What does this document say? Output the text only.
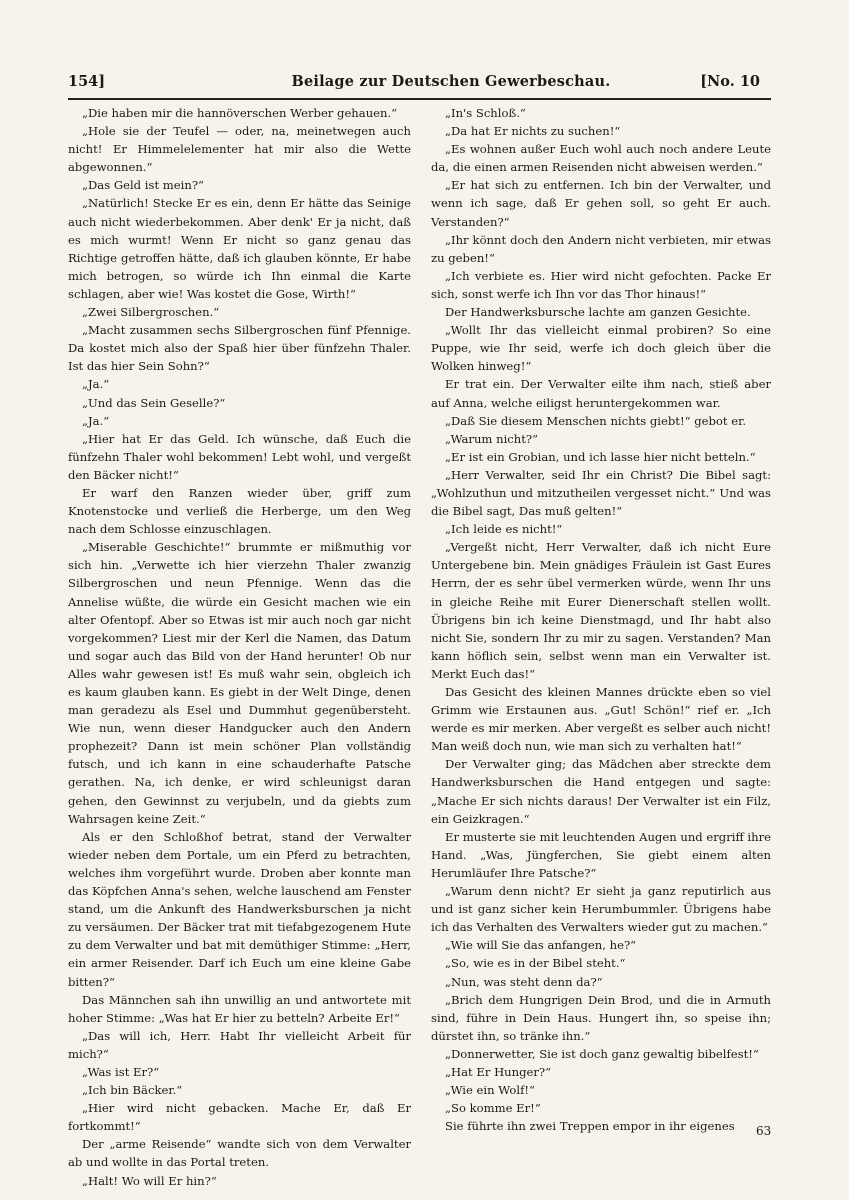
154]	Beilage zur Deutschen Gewerbeschau.	[No. 10

„Die haben mir die hannöverschen Werber gehauen.“

„Hole sie der Teufel — oder, na, meinetwegen auch nicht! Er Himmelelementer hat mir also die Wette abgewonnen.“

„Das Geld ist mein?“

„Natürlich! Stecke Er es ein, denn Er hätte das Seinige auch nicht wiederbekommen. Aber denk' Er ja nicht, daß es mich wurmt! Wenn Er nicht so ganz genau das Richtige getroffen hätte, daß ich glauben könnte, Er habe mich betrogen, so würde ich Ihn einmal die Karte schlagen, aber wie! Was kostet die Gose, Wirth!“

„Zwei Silbergroschen.“

„Macht zusammen sechs Silbergroschen fünf Pfennige. Da kostet mich also der Spaß hier über fünfzehn Thaler. Ist das hier Sein Sohn?“

„Ja.“

„Und das Sein Geselle?“

„Ja.“

„Hier hat Er das Geld. Ich wünsche, daß Euch die fünfzehn Thaler wohl bekommen! Lebt wohl, und vergeßt den Bäcker nicht!“

Er warf den Ranzen wieder über, griff zum Knotenstocke und verließ die Herberge, um den Weg nach dem Schlosse einzuschlagen.

„Miserable Geschichte!“ brummte er mißmuthig vor sich hin. „Verwette ich hier vierzehn Thaler zwanzig Silbergroschen und neun Pfennige. Wenn das die Annelise wüßte, die würde ein Gesicht machen wie ein alter Ofentopf. Aber so Etwas ist mir auch noch gar nicht vorgekommen? Liest mir der Kerl die Namen, das Datum und sogar auch das Bild von der Hand herunter! Ob nur Alles wahr gewesen ist! Es muß wahr sein, obgleich ich es kaum glauben kann. Es giebt in der Welt Dinge, denen man geradezu als Esel und Dummhut gegenübersteht. Wie nun, wenn dieser Handgucker auch den Andern prophezeit? Dann ist mein schöner Plan vollständig futsch, und ich kann in eine schauderhafte Patsche gerathen. Na, ich denke, er wird schleunigst daran gehen, den Gewinnst zu verjubeln, und da giebts zum Wahrsagen keine Zeit.“

Als er den Schloßhof betrat, stand der Verwalter wieder neben dem Portale, um ein Pferd zu betrachten, welches ihm vorgeführt wurde. Droben aber konnte man das Köpfchen Anna's sehen, welche lauschend am Fenster stand, um die Ankunft des Handwerksburschen ja nicht zu versäumen. Der Bäcker trat mit tiefabgezogenem Hute zu dem Verwalter und bat mit demüthiger Stimme: „Herr, ein armer Reisender. Darf ich Euch um eine kleine Gabe bitten?“

Das Männchen sah ihn unwillig an und antwortete mit hoher Stimme: „Was hat Er hier zu betteln? Arbeite Er!“

„Das will ich, Herr. Habt Ihr vielleicht Arbeit für mich?“

„Was ist Er?“

„Ich bin Bäcker.“

„Hier wird nicht gebacken. Mache Er, daß Er fortkommt!“

Der „arme Reisende“ wandte sich von dem Verwalter ab und wollte in das Portal treten.

„Halt! Wo will Er hin?“

„In's Schloß.“

„Da hat Er nichts zu suchen!“

„Es wohnen außer Euch wohl auch noch andere Leute da, die einen armen Reisenden nicht abweisen werden.“

„Er hat sich zu entfernen. Ich bin der Verwalter, und wenn ich sage, daß Er gehen soll, so geht Er auch. Verstanden?“

„Ihr könnt doch den Andern nicht verbieten, mir etwas zu geben!“

„Ich verbiete es. Hier wird nicht gefochten. Packe Er sich, sonst werfe ich Ihn vor das Thor hinaus!“

Der Handwerksbursche lachte am ganzen Gesichte.

„Wollt Ihr das vielleicht einmal probiren? So eine Puppe, wie Ihr seid, werfe ich doch gleich über die Wolken hinweg!“

Er trat ein. Der Verwalter eilte ihm nach, stieß aber auf Anna, welche eiligst heruntergekommen war.

„Daß Sie diesem Menschen nichts giebt!“ gebot er.

„Warum nicht?“

„Er ist ein Grobian, und ich lasse hier nicht betteln.“

„Herr Verwalter, seid Ihr ein Christ? Die Bibel sagt: „Wohlzuthun und mitzutheilen vergesset nicht.“ Und was die Bibel sagt, Das muß gelten!“

„Ich leide es nicht!“

„Vergeßt nicht, Herr Verwalter, daß ich nicht Eure Untergebene bin. Mein gnädiges Fräulein ist Gast Eures Herrn, der es sehr übel vermerken würde, wenn Ihr uns in gleiche Reihe mit Eurer Dienerschaft stellen wollt. Übrigens bin ich keine Dienstmagd, und Ihr habt also nicht Sie, sondern Ihr zu mir zu sagen. Verstanden? Man kann höflich sein, selbst wenn man ein Verwalter ist. Merkt Euch das!“

Das Gesicht des kleinen Mannes drückte eben so viel Grimm wie Erstaunen aus. „Gut! Schön!“ rief er. „Ich werde es mir merken. Aber vergeßt es selber auch nicht! Man weiß doch nun, wie man sich zu verhalten hat!“

Der Verwalter ging; das Mädchen aber streckte dem Handwerksburschen die Hand entgegen und sagte: „Mache Er sich nichts daraus! Der Verwalter ist ein Filz, ein Geizkragen.“

Er musterte sie mit leuchtenden Augen und ergriff ihre Hand. „Was, Jüngferchen, Sie giebt einem alten Herumläufer Ihre Patsche?“

„Warum denn nicht? Er sieht ja ganz reputirlich aus und ist ganz sicher kein Herumbummler. Übrigens habe ich das Verhalten des Verwalters wieder gut zu machen.“

„Wie will Sie das anfangen, he?“

„So, wie es in der Bibel steht.“

„Nun, was steht denn da?“

„Brich dem Hungrigen Dein Brod, und die in Armuth sind, führe in Dein Haus. Hungert ihn, so speise ihn; dürstet ihn, so tränke ihn.“

„Donnerwetter, Sie ist doch ganz gewaltig bibelfest!“

„Hat Er Hunger?“

„Wie ein Wolf!“

„So komme Er!“

Sie führte ihn zwei Treppen empor in ihr eigenes	63
